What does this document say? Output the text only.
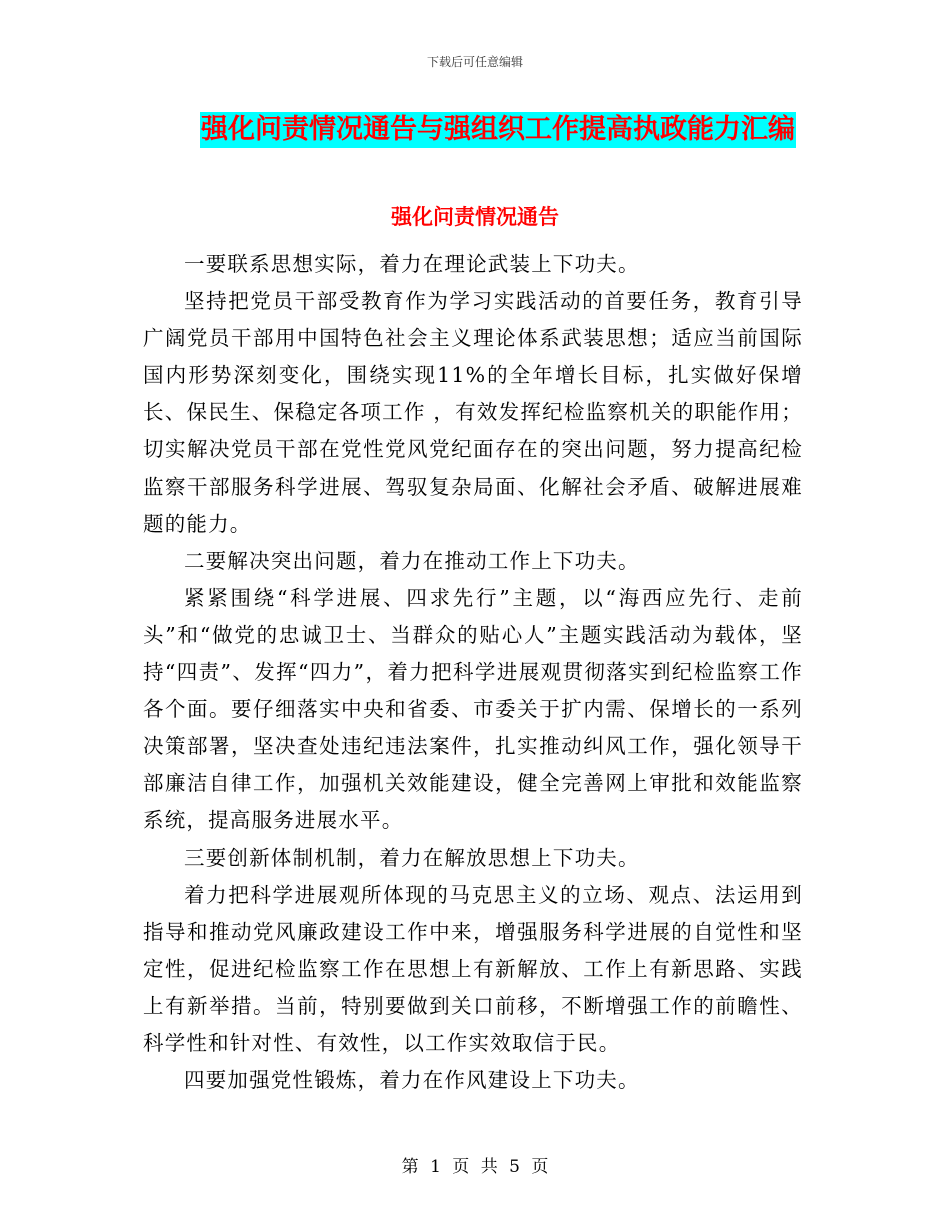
下载后可任意编辑
强化问责情况通告与强组织工作提高执政能力汇编
强化问责情况通告

一要联系思想实际，着力在理论武装上下功夫。

坚持把党员干部受教育作为学习实践活动的首要任务，教育引导广阔党员干部用中国特色社会主义理论体系武装思想；适应当前国际国内形势深刻变化，围绕实现11%的全年增长目标，扎实做好保增长、保民生、保稳定各项工作 ，有效发挥纪检监察机关的职能作用；切实解决党员干部在党性党风党纪面存在的突出问题，努力提高纪检监察干部服务科学进展、驾驭复杂局面、化解社会矛盾、破解进展难题的能力。

二要解决突出问题，着力在推动工作上下功夫。

紧紧围绕“科学进展、四求先行”主题，以“海西应先行、走前头”和“做党的忠诚卫士、当群众的贴心人”主题实践活动为载体，坚持“四责”、发挥“四力”，着力把科学进展观贯彻落实到纪检监察工作各个面。要仔细落实中央和省委、市委关于扩内需、保增长的一系列决策部署，坚决查处违纪违法案件，扎实推动纠风工作，强化领导干部廉洁自律工作，加强机关效能建设，健全完善网上审批和效能监察系统，提高服务进展水平。

三要创新体制机制，着力在解放思想上下功夫。

着力把科学进展观所体现的马克思主义的立场、观点、法运用到指导和推动党风廉政建设工作中来，增强服务科学进展的自觉性和坚定性，促进纪检监察工作在思想上有新解放、工作上有新思路、实践上有新举措。当前，特别要做到关口前移，不断增强工作的前瞻性、科学性和针对性、有效性，以工作实效取信于民。

四要加强党性锻炼，着力在作风建设上下功夫。

第 1 页 共 5 页
